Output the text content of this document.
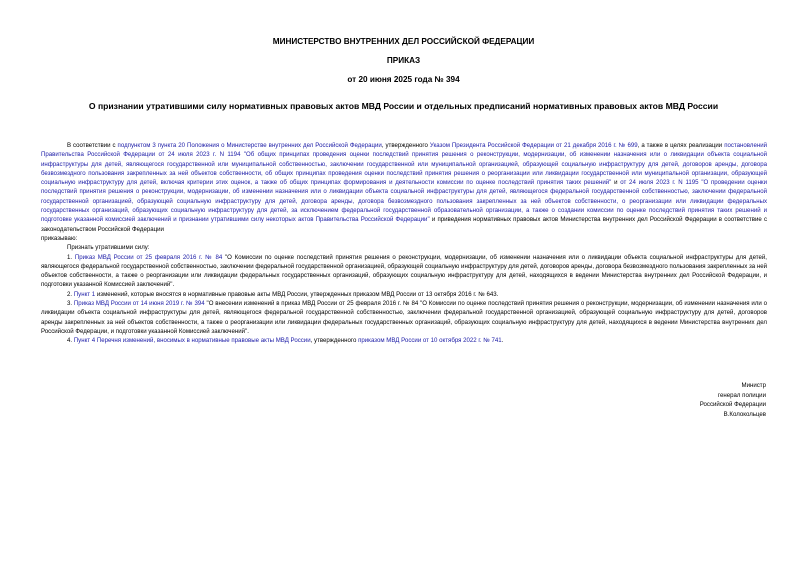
МИНИСТЕРСТВО ВНУТРЕННИХ ДЕЛ РОССИЙСКОЙ ФЕДЕРАЦИИ
ПРИКАЗ
от 20 июня 2025 года № 394
О признании утратившими силу нормативных правовых актов МВД России и отдельных предписаний нормативных правовых актов МВД России

В соответствии с подпунктом 3 пункта 20 Положения о Министерстве внутренних дел Российской Федерации, утвержденного Указом Президента Российской Федерации от 21 декабря 2016 г. № 699, а также в целях реализации постановлений Правительства Российской Федерации от 24 июля 2023 г. N 1194 "Об общих принципах проведения оценки последствий принятия решения о реконструкции, модернизации, об изменении назначения или о ликвидации объекта социальной инфраструктуры для детей, являющегося государственной или муниципальной собственностью, заключении государственной или муниципальной организацией, образующей социальную инфраструктуру для детей, договоров аренды, договора безвозмездного пользования закрепленных за ней объектов собственности, об общих принципах проведения оценки последствий принятия решения о реорганизации или ликвидации государственной или муниципальной организации, образующей социальную инфраструктуру для детей, включая критерии этих оценок, а также об общих принципах формирования и деятельности комиссии по оценке последствий принятия таких решений" и от 24 июля 2023 г. N 1195 "О проведении оценки последствий принятия решения о реконструкции, модернизации, об изменении назначения или о ликвидации объекта социальной инфраструктуры для детей, являющегося федеральной государственной собственностью, заключении федеральной государственной организацией, образующей социальную инфраструктуру для детей, договора аренды, договора безвозмездного пользования закрепленных за ней объектов собственности, о реорганизации или ликвидации федеральных государственных организаций, образующих социальную инфраструктуру для детей, за исключением федеральной государственной образовательной организации, а также о создании комиссии по оценке последствий принятия таких решений и подготовке указанной комиссией заключений и признании утратившими силу некоторых актов Правительства Российской Федерации" и приведения нормативных правовых актов Министерства внутренних дел Российской Федерации в соответствие с законодательством Российской Федерации

приказываю:

Признать утратившими силу:

1. Приказ МВД России от 25 февраля 2016 г. № 84 "О Комиссии по оценке последствий принятия решения о реконструкции, модернизации, об изменении назначения или о ликвидации объекта социальной инфраструктуры для детей, являющегося федеральной государственной собственностью, заключении федеральной государственной организацией, образующей социальную инфраструктуру для детей, договоров аренды, договора безвозмездного пользования закрепленных за ней объектов собственности, а также о реорганизации или ликвидации федеральных государственных организаций, образующих социальную инфраструктуру для детей, находящихся в ведении Министерства внутренних дел Российской Федерации, и подготовки указанной Комиссией заключений".

2. Пункт 1 изменений, которые вносятся в нормативные правовые акты МВД России, утвержденных приказом МВД России от 13 октября 2016 г. № 643.

3. Приказ МВД России от 14 июня 2019 г. № 394 "О внесении изменений в приказ МВД России от 25 февраля 2016 г. № 84 "О Комиссии по оценке последствий принятия решения о реконструкции, модернизации, об изменении назначения или о ликвидации объекта социальной инфраструктуры для детей, являющегося федеральной государственной собственностью, заключении федеральной государственной организацией, образующей социальную инфраструктуру для детей, договоров аренды закрепленных за ней объектов собственности, а также о реорганизации или ликвидации федеральных государственных организаций, образующих социальную инфраструктуру для детей, находящихся в ведении Министерства внутренних дел Российской Федерации, и подготовки указанной Комиссией заключений".

4. Пункт 4 Перечня изменений, вносимых в нормативные правовые акты МВД России, утвержденного приказом МВД России от 10 октября 2022 г. № 741.

Министр
генерал полиции
Российской Федерации
В.Колокольцев
